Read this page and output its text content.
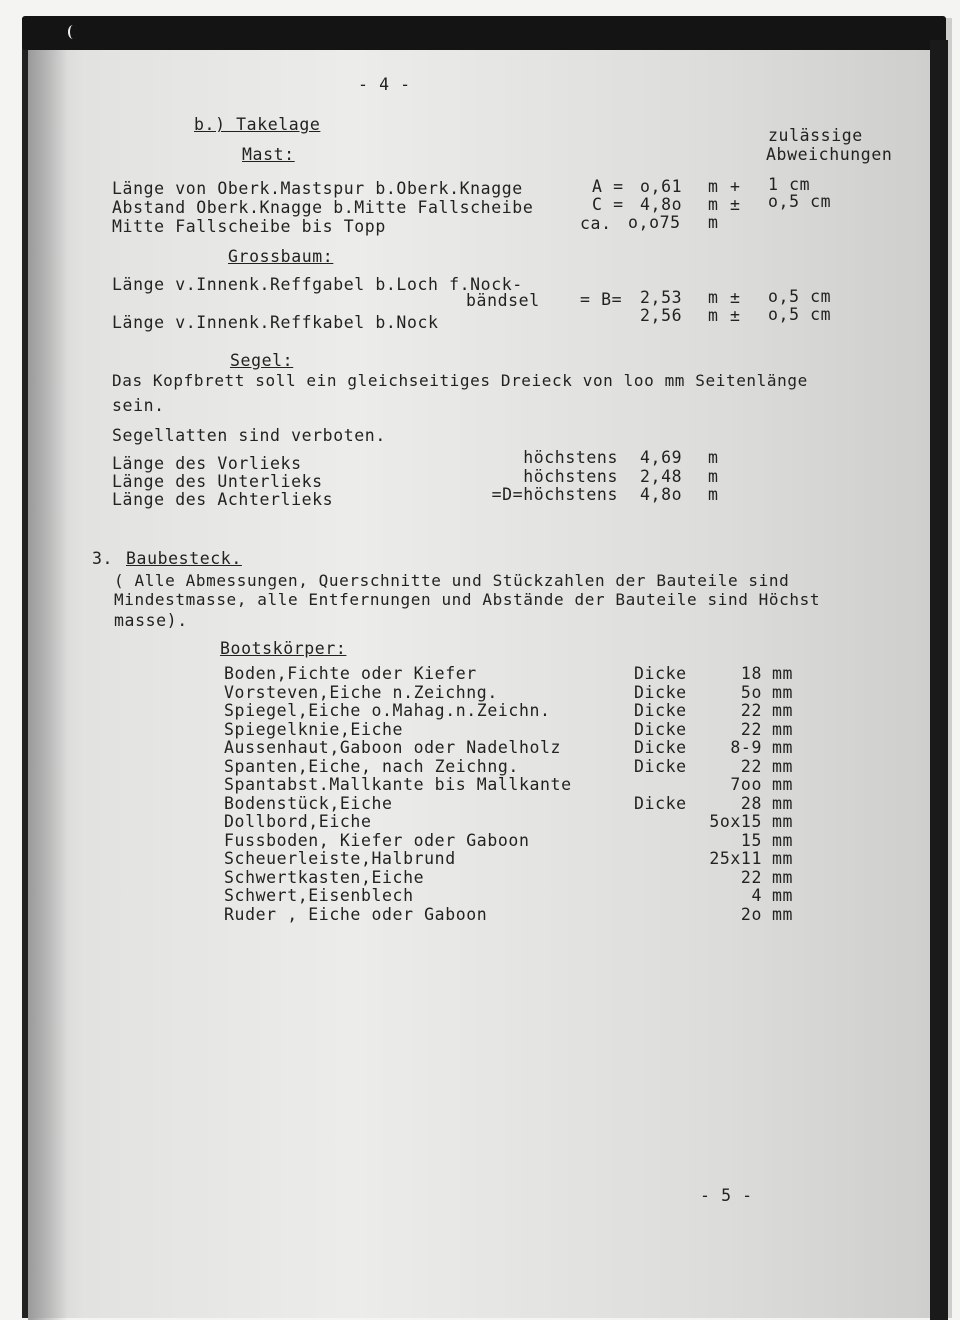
- 4 -
b.) Takelage
zulässige
Abweichungen
Mast:
Länge von Oberk.Mastspur b.Oberk.Knagge	A = o,61 m + 1 cm
Abstand Oberk.Knagge b.Mitte Fallscheibe	C = 4,8o m ± o,5 cm
Mitte Fallscheibe bis Topp	ca. o,o75 m
Grossbaum:
Länge v.Innenk.Reffgabel b.Loch f.Nock-
bändsel = B= 2,53 m ± o,5 cm
Länge v.Innenk.Reffkabel b.Nock	2,56 m ± o,5 cm
Segel:
Das Kopfbrett soll ein gleichseitiges Dreieck von loo mm Seitenlänge
sein.
Segellatten sind verboten.
Länge des Vorlieks	höchstens 4,69 m
Länge des Unterlieks	höchstens 2,48 m
Länge des Achterlieks	=D=höchstens 4,8o m
3. Baubesteck.
( Alle Abmessungen, Querschnitte und Stückzahlen der Bauteile sind
Mindestmasse, alle Entfernungen und Abstände der Bauteile sind Höchst
masse).
Bootskörper:
Boden,Fichte oder Kiefer	Dicke	18 mm
Vorsteven,Eiche n.Zeichng.	Dicke	5o mm
Spiegel,Eiche o.Mahag.n.Zeichn.	Dicke	22 mm
Spiegelknie,Eiche	Dicke	22 mm
Aussenhaut,Gaboon oder Nadelholz	Dicke	8-9 mm
Spanten,Eiche, nach Zeichng.	Dicke	22 mm
Spantabst.Mallkante bis Mallkante	7oo mm
Bodenstück,Eiche	Dicke	28 mm
Dollbord,Eiche	5ox15 mm
Fussboden, Kiefer oder Gaboon	15 mm
Scheuerleiste,Halbrund	25x11 mm
Schwertkasten,Eiche	22 mm
Schwert,Eisenblech	4 mm
Ruder , Eiche oder Gaboon	2o mm
- 5 -
